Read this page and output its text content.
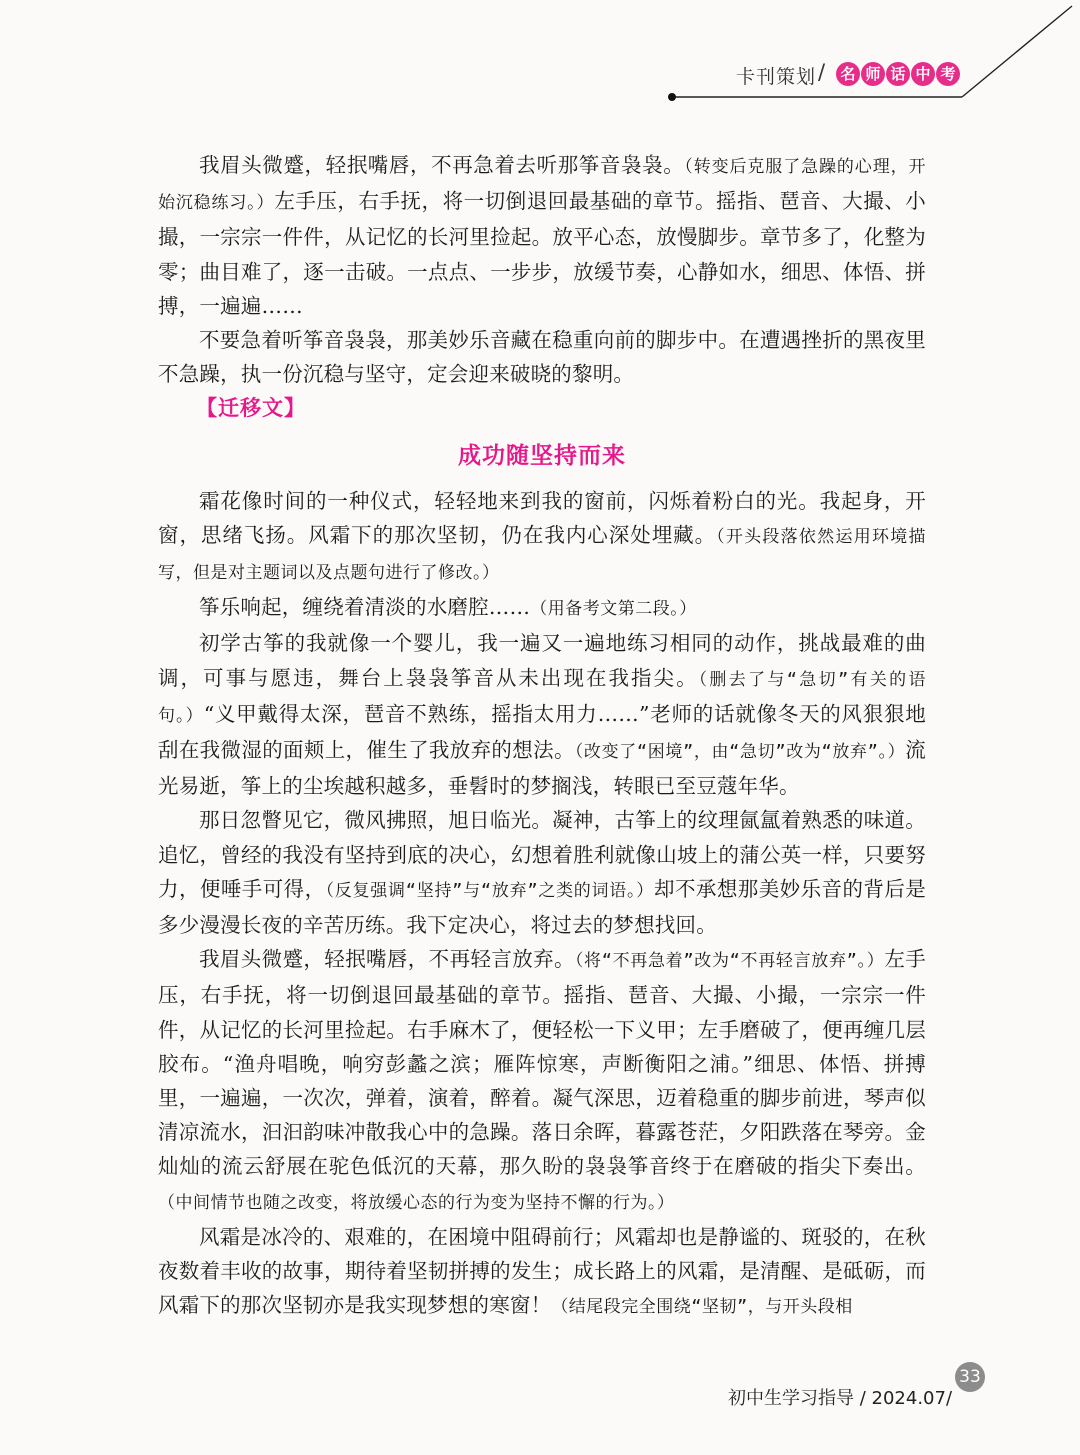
卡刊策划 / 名 师 话 中 考

我眉头微蹙，轻抿嘴唇，不再急着去听那筝音袅袅。（转变后克服了急躁的心理，开始沉稳练习。）左手压，右手抚，将一切倒退回最基础的章节。摇指、琶音、大撮、小撮，一宗宗一件件，从记忆的长河里捡起。放平心态，放慢脚步。章节多了，化整为零；曲目难了，逐一击破。一点点、一步步，放缓节奏，心静如水，细思、体悟、拼搏，一遍遍……

不要急着听筝音袅袅，那美妙乐音藏在稳重向前的脚步中。在遭遇挫折的黑夜里不急躁，执一份沉稳与坚守，定会迎来破晓的黎明。

【迁移文】

成功随坚持而来

霜花像时间的一种仪式，轻轻地来到我的窗前，闪烁着粉白的光。我起身，开窗，思绪飞扬。风霜下的那次坚韧，仍在我内心深处埋藏。（开头段落依然运用环境描写，但是对主题词以及点题句进行了修改。）

筝乐响起，缠绕着清淡的水磨腔……（用备考文第二段。）

初学古筝的我就像一个婴儿，我一遍又一遍地练习相同的动作，挑战最难的曲调，可事与愿违，舞台上袅袅筝音从未出现在我指尖。（删去了与“急切”有关的语句。）“义甲戴得太深，琶音不熟练，摇指太用力……”老师的话就像冬天的风狠狠地刮在我微湿的面颊上，催生了我放弃的想法。（改变了“困境”，由“急切”改为“放弃”。）流光易逝，筝上的尘埃越积越多，垂髫时的梦搁浅，转眼已至豆蔻年华。

那日忽瞥见它，微风拂照，旭日临光。凝神，古筝上的纹理氤氲着熟悉的味道。追忆，曾经的我没有坚持到底的决心，幻想着胜利就像山坡上的蒲公英一样，只要努力，便唾手可得，（反复强调“坚持”与“放弃”之类的词语。）却不承想那美妙乐音的背后是多少漫漫长夜的辛苦历练。我下定决心，将过去的梦想找回。

我眉头微蹙，轻抿嘴唇，不再轻言放弃。（将“不再急着”改为“不再轻言放弃”。）左手压，右手抚，将一切倒退回最基础的章节。摇指、琶音、大撮、小撮，一宗宗一件件，从记忆的长河里捡起。右手麻木了，便轻松一下义甲；左手磨破了，便再缠几层胶布。“渔舟唱晚，响穷彭蠡之滨；雁阵惊寒，声断衡阳之浦。”细思、体悟、拼搏里，一遍遍，一次次，弹着，演着，醉着。凝气深思，迈着稳重的脚步前进，琴声似清凉流水，汩汩韵味冲散我心中的急躁。落日余晖，暮露苍茫，夕阳跌落在琴旁。金灿灿的流云舒展在驼色低沉的天幕，那久盼的袅袅筝音终于在磨破的指尖下奏出。（中间情节也随之改变，将放缓心态的行为变为坚持不懈的行为。）

风霜是冰冷的、艰难的，在困境中阻碍前行；风霜却也是静谧的、斑驳的，在秋夜数着丰收的故事，期待着坚韧拼搏的发生；成长路上的风霜，是清醒、是砥砺，而风霜下的那次坚韧亦是我实现梦想的寒窗！（结尾段完全围绕“坚韧”，与开头段相

初中生学习指导 / 2024.07/
33
